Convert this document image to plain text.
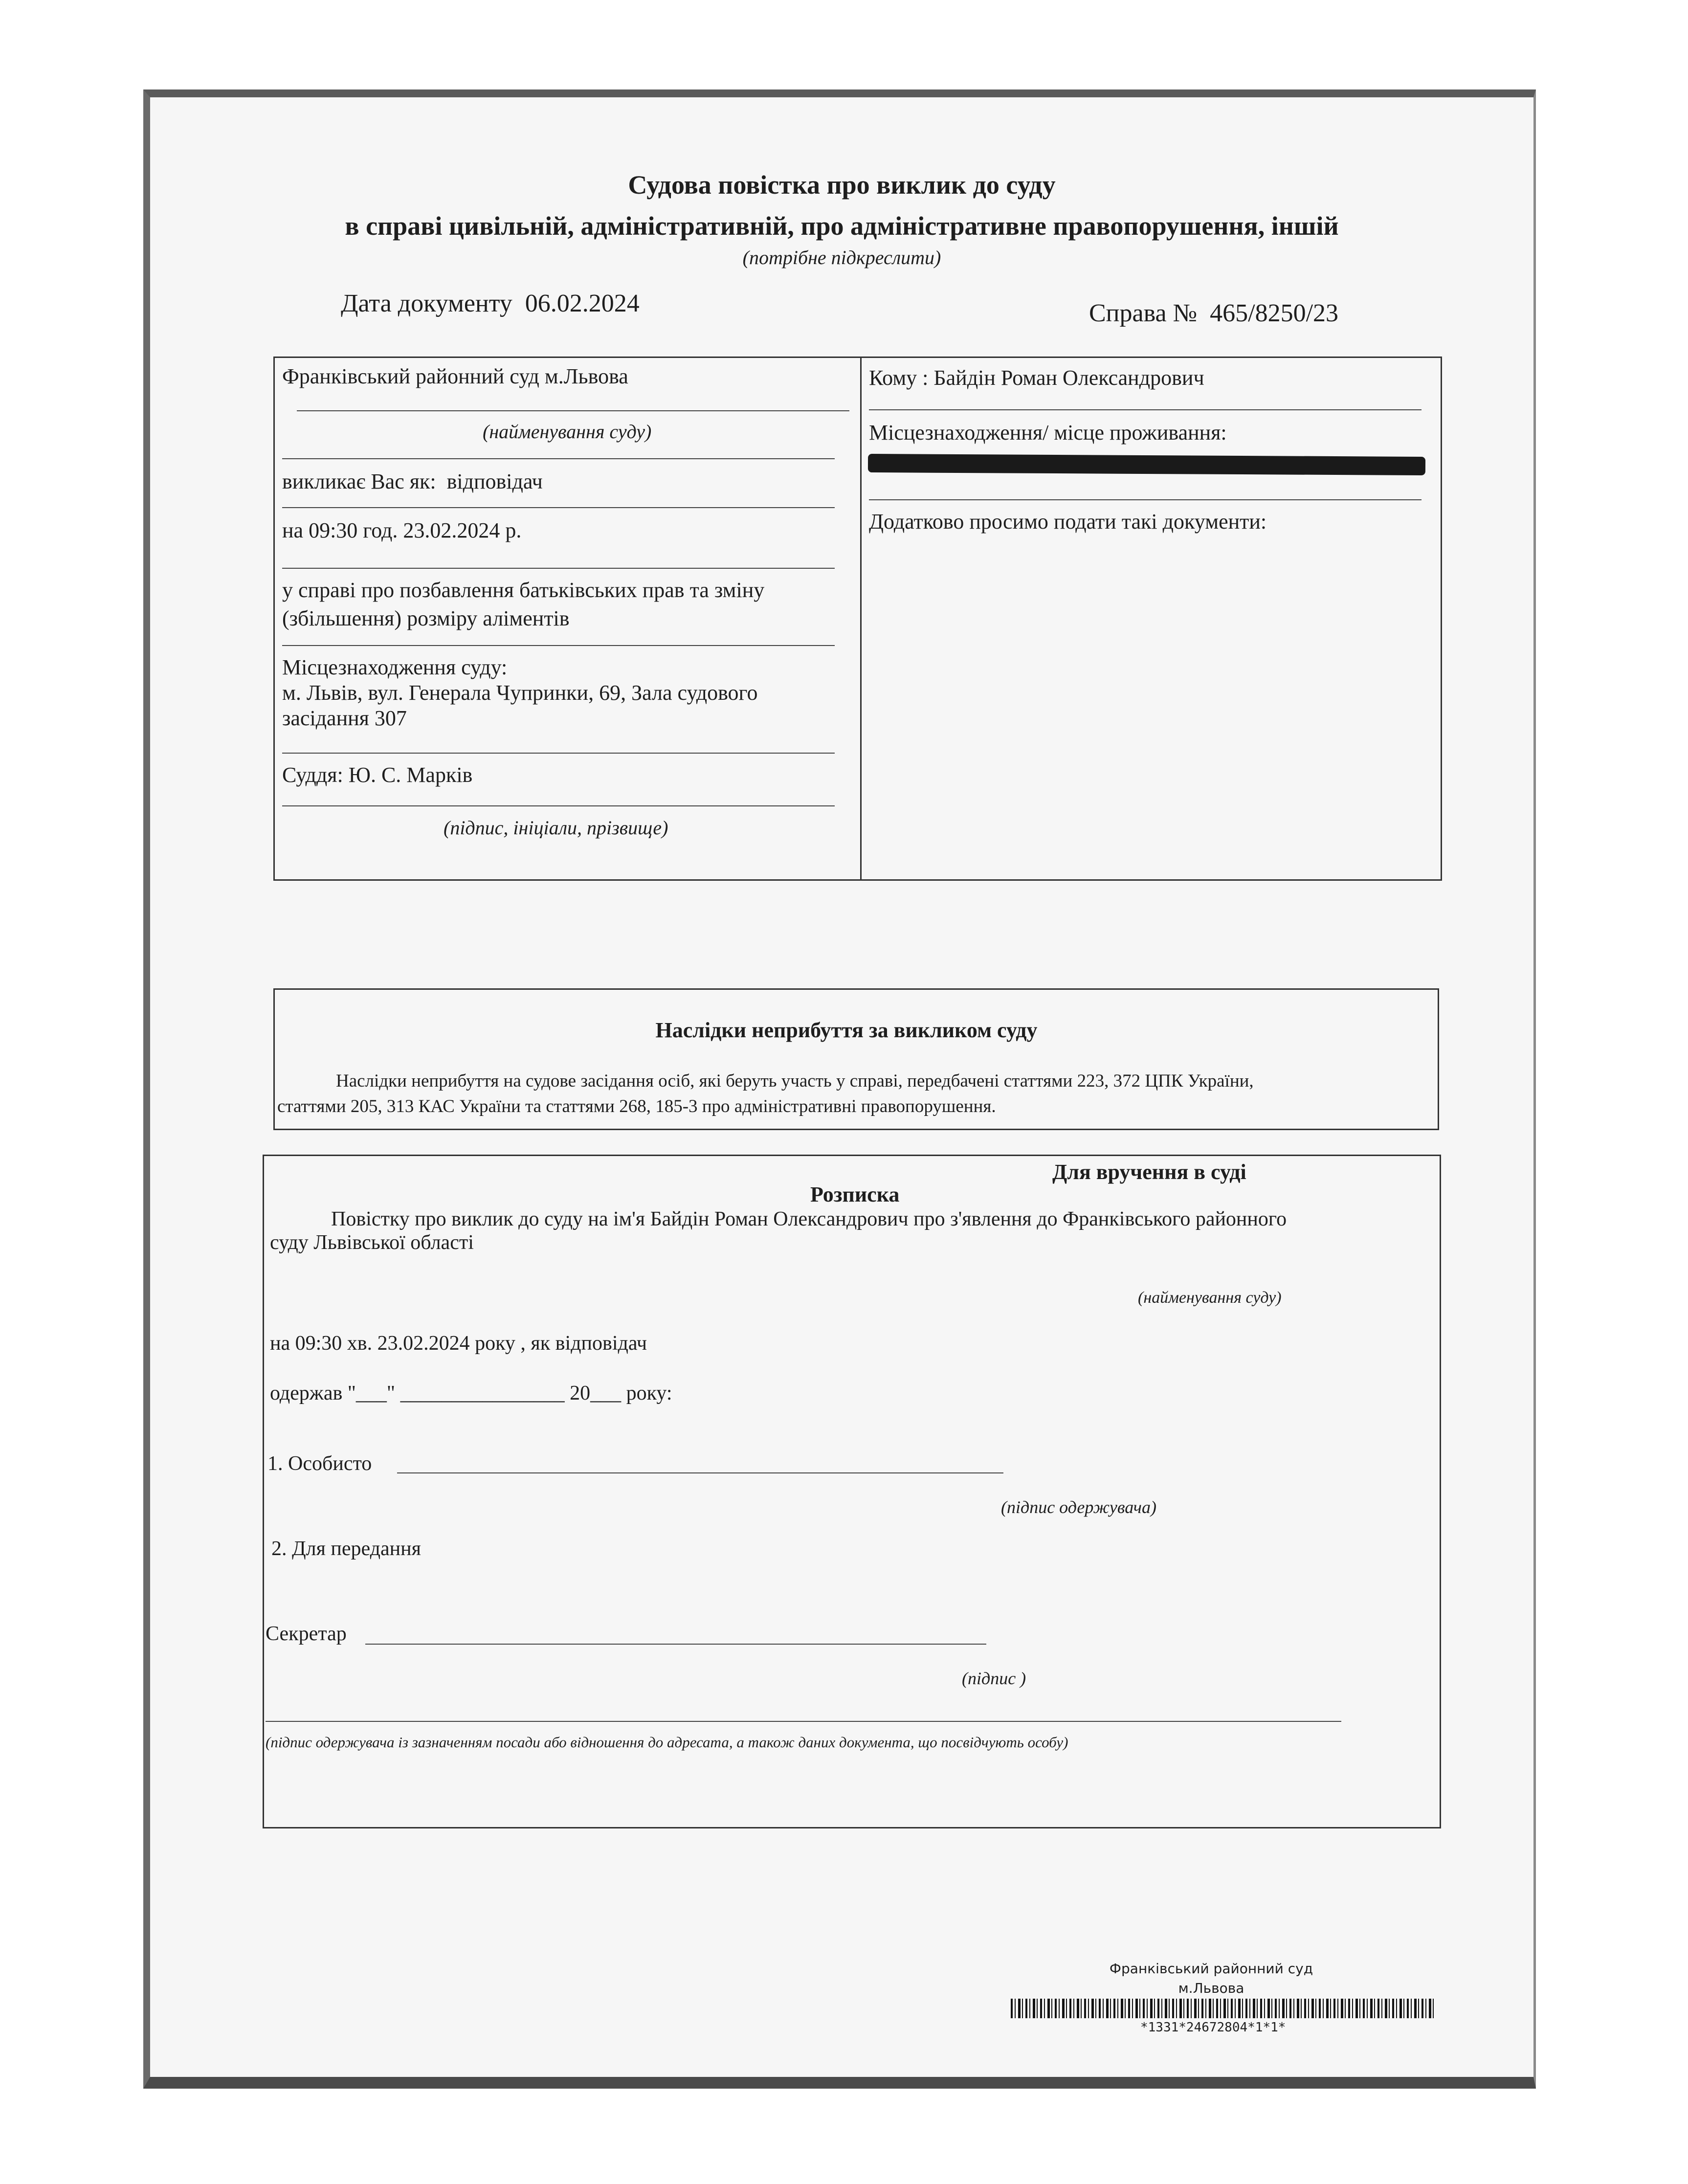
Судова повістка про виклик до суду
в справі цивільній, адміністративній, про адміністративне правопорушення, іншій
(потрібне підкреслити)
Дата документу 06.02.2024	Справа № 465/8250/23
Франківський районний суд м.Львова
(найменування суду)
викликає Вас як: відповідач
на 09:30 год. 23.02.2024 р.
у справі про позбавлення батьківських прав та зміну
(збільшення) розміру аліментів
Місцезнаходження суду:
м. Львів, вул. Генерала Чупринки, 69, Зала судового
засідання 307
Суддя: Ю. С. Марків
(підпис, ініціали, прізвище)
Кому : Байдін Роман Олександрович
Місцезнаходження/ місце проживання:
Додатково просимо подати такі документи:
Наслідки неприбуття за викликом суду
Наслідки неприбуття на судове засідання осіб, які беруть участь у справі, передбачені статтями 223, 372 ЦПК України,
статтями 205, 313 КАС України та статтями 268, 185-3 про адміністративні правопорушення.
Для вручення в суді
Розписка
Повістку про виклик до суду на ім'я Байдін Роман Олександрович про з'явлення до Франківського районного
суду Львівської області
(найменування суду)
на 09:30 хв. 23.02.2024 року , як відповідач
одержав "___" ________________ 20___ року:
1. Особисто
(підпис одержувача)
2. Для передання
Секретар
(підпис )
(підпис одержувача із зазначенням посади або відношення до адресата, а також даних документа, що посвідчують особу)
Франківський районний суд
м.Львова
*1331*24672804*1*1*
